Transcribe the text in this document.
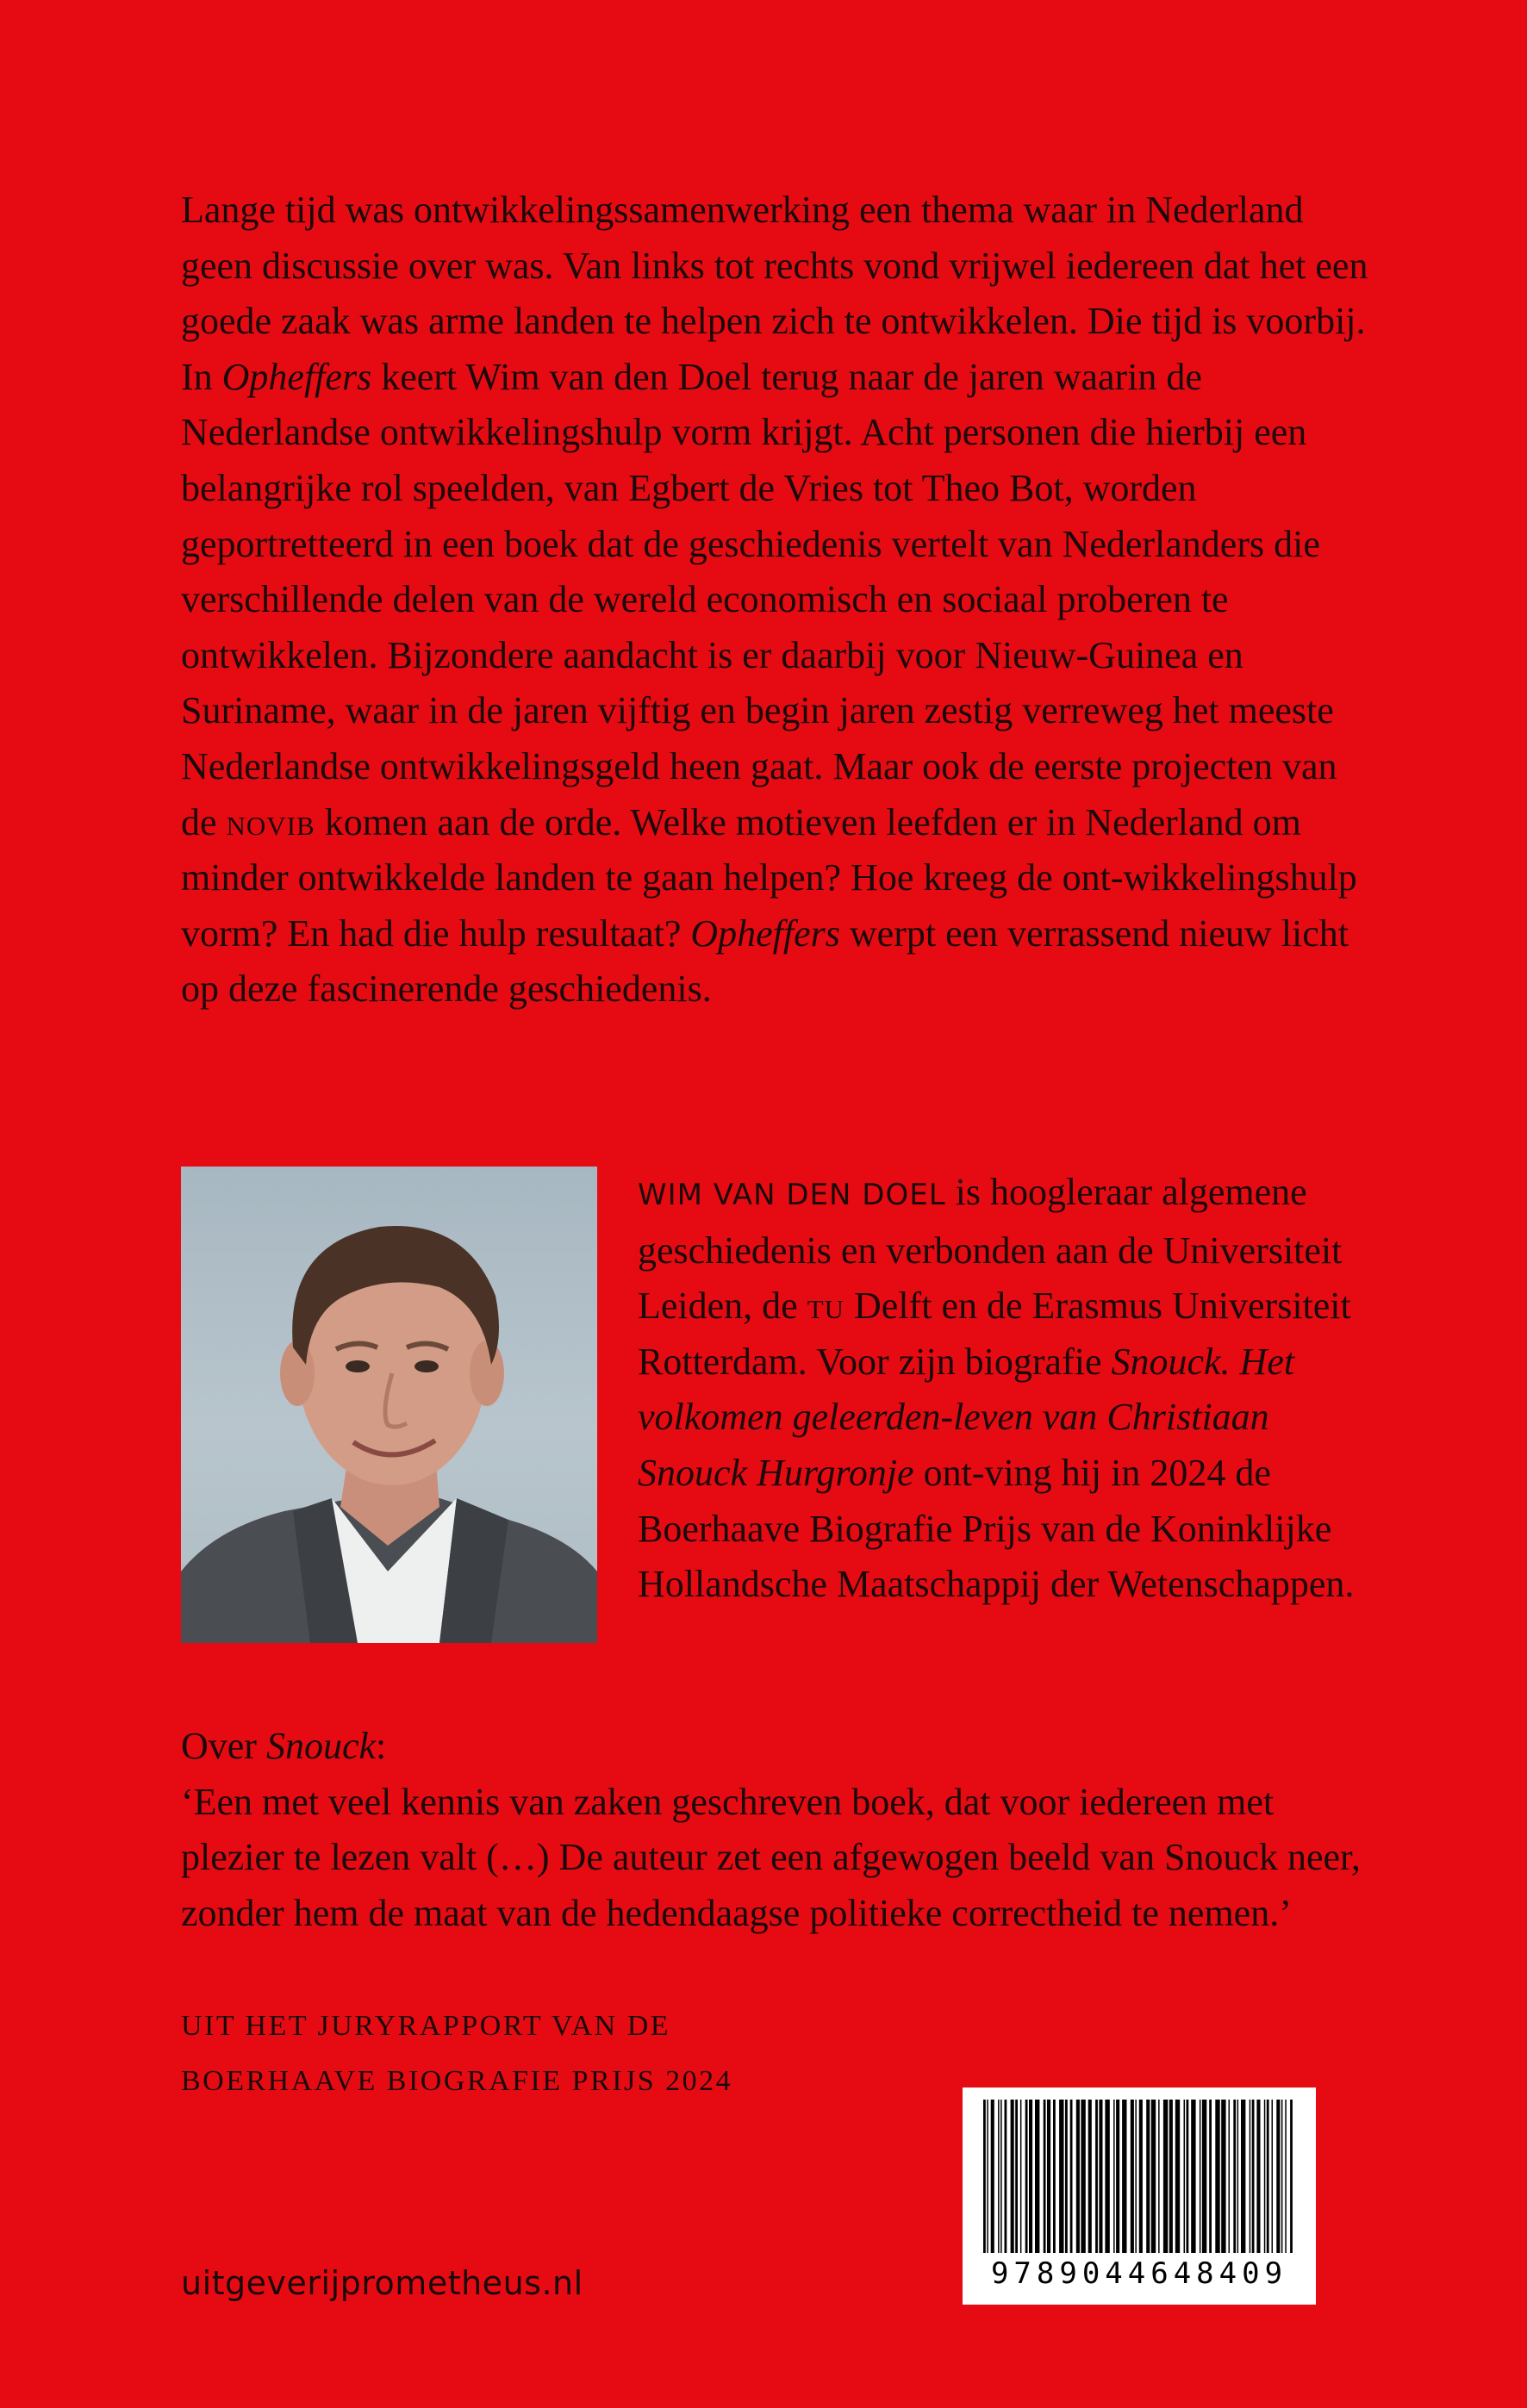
Lange tijd was ontwikkelingssamenwerking een thema waar in Nederland geen discussie over was. Van links tot rechts vond vrijwel iedereen dat het een goede zaak was arme landen te helpen zich te ontwikkelen. Die tijd is voorbij. In Opheffers keert Wim van den Doel terug naar de jaren waarin de Nederlandse ontwikkelingshulp vorm krijgt. Acht personen die hierbij een belangrijke rol speelden, van Egbert de Vries tot Theo Bot, worden geportretteerd in een boek dat de geschiedenis vertelt van Nederlanders die verschillende delen van de wereld economisch en sociaal proberen te ontwikkelen. Bijzondere aandacht is er daarbij voor Nieuw-Guinea en Suriname, waar in de jaren vijftig en begin jaren zestig verreweg het meeste Nederlandse ontwikkelingsgeld heen gaat. Maar ook de eerste projecten van de novib komen aan de orde. Welke motieven leefden er in Nederland om minder ontwikkelde landen te gaan helpen? Hoe kreeg de ont-wikkelingshulp vorm? En had die hulp resultaat? Opheffers werpt een verrassend nieuw licht op deze fascinerende geschiedenis.

WIM VAN DEN DOEL is hoogleraar algemene geschiedenis en verbonden aan de Universiteit Leiden, de tu Delft en de Erasmus Universiteit Rotterdam. Voor zijn biografie Snouck. Het volkomen geleerden-leven van Christiaan Snouck Hurgronje ont-ving hij in 2024 de Boerhaave Biografie Prijs van de Koninklijke Hollandsche Maatschappij der Wetenschappen.

Over Snouck:
‘Een met veel kennis van zaken geschreven boek, dat voor iedereen met plezier te lezen valt (…) De auteur zet een afgewogen beeld van Snouck neer, zonder hem de maat van de hedendaagse politieke correctheid te nemen.’

UIT HET JURYRAPPORT VAN DE
BOERHAAVE BIOGRAFIE PRIJS 2024

uitgeverijprometheus.nl	9789044648409
